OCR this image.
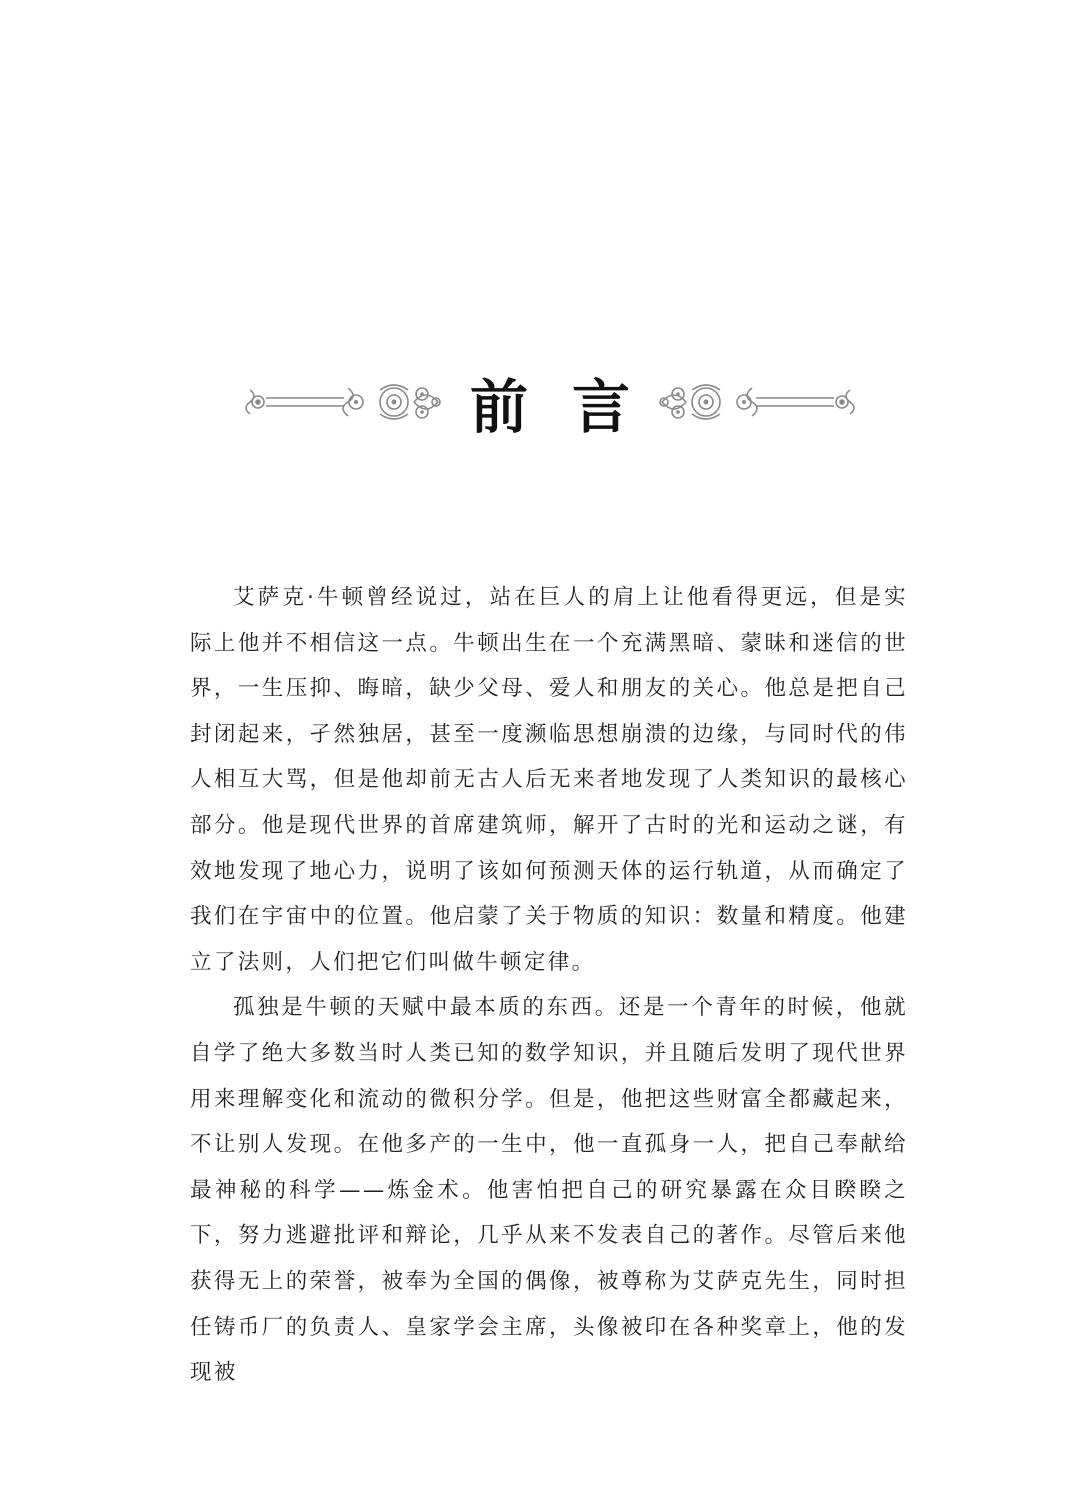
前 言

艾萨克·牛顿曾经说过，站在巨人的肩上让他看得更远，但是实际上他并不相信这一点。牛顿出生在一个充满黑暗、蒙昧和迷信的世界，一生压抑、晦暗，缺少父母、爱人和朋友的关心。他总是把自己封闭起来，孑然独居，甚至一度濒临思想崩溃的边缘，与同时代的伟人相互大骂，但是他却前无古人后无来者地发现了人类知识的最核心部分。他是现代世界的首席建筑师，解开了古时的光和运动之谜，有效地发现了地心力，说明了该如何预测天体的运行轨道，从而确定了我们在宇宙中的位置。他启蒙了关于物质的知识：数量和精度。他建立了法则，人们把它们叫做牛顿定律。

孤独是牛顿的天赋中最本质的东西。还是一个青年的时候，他就自学了绝大多数当时人类已知的数学知识，并且随后发明了现代世界用来理解变化和流动的微积分学。但是，他把这些财富全都藏起来，不让别人发现。在他多产的一生中，他一直孤身一人，把自己奉献给最神秘的科学——炼金术。他害怕把自己的研究暴露在众目睽睽之下，努力逃避批评和辩论，几乎从来不发表自己的著作。尽管后来他获得无上的荣誉，被奉为全国的偶像，被尊称为艾萨克先生，同时担任铸币厂的负责人、皇家学会主席，头像被印在各种奖章上，他的发现被
